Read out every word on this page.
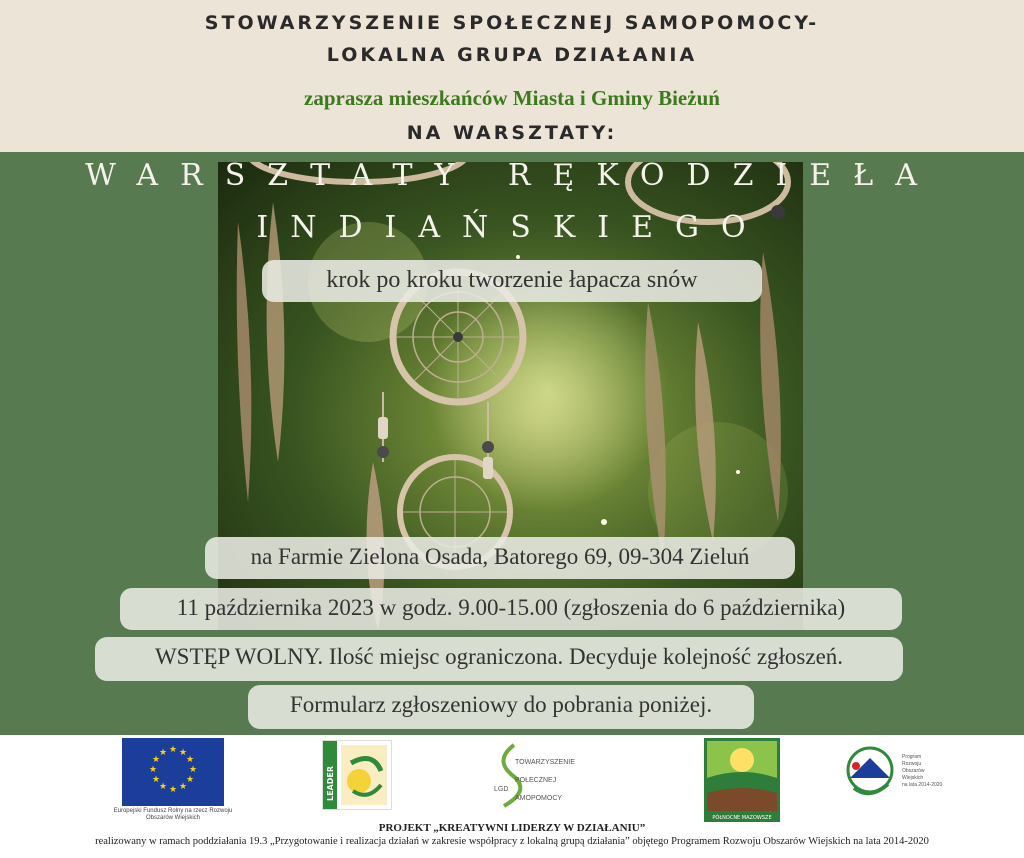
STOWARZYSZENIE SPOŁECZNEJ SAMOPOMOCY-
LOKALNA GRUPA DZIAŁANIA
zaprasza mieszkańców Miasta i Gminy Bieżuń
NA WARSZTATY:
WARSZTATY RĘKODZIEŁA
INDIAŃSKIEGO
krok po kroku tworzenie łapacza snów
na Farmie Zielona Osada, Batorego 69, 09-304 Zieluń
11 października 2023 w godz. 9.00-15.00 (zgłoszenia do 6 października)
WSTĘP WOLNY. Ilość miejsc ograniczona. Decyduje kolejność zgłoszeń.
Formularz zgłoszeniowy do pobrania poniżej.
★ ★
★
★
★
★
★
★
★
★
★
★
Europejski Fundusz Rolny na rzecz Rozwoju Obszarów Wiejskich
LEADER
TOWARZYSZENIE
POŁECZNEJ
AMOPOMOCY
LGD
PÓŁNOCNE MAZOWSZE
Program
Rozwoju
Obszarów
Wiejskich
na lata 2014-2020
PROJEKT „KREATYWNI LIDERZY W DZIAŁANIU”
realizowany w ramach poddziałania 19.3 „Przygotowanie i realizacja działań w zakresie współpracy z lokalną grupą działania” objętego Programem Rozwoju Obszarów Wiejskich na lata 2014-2020
